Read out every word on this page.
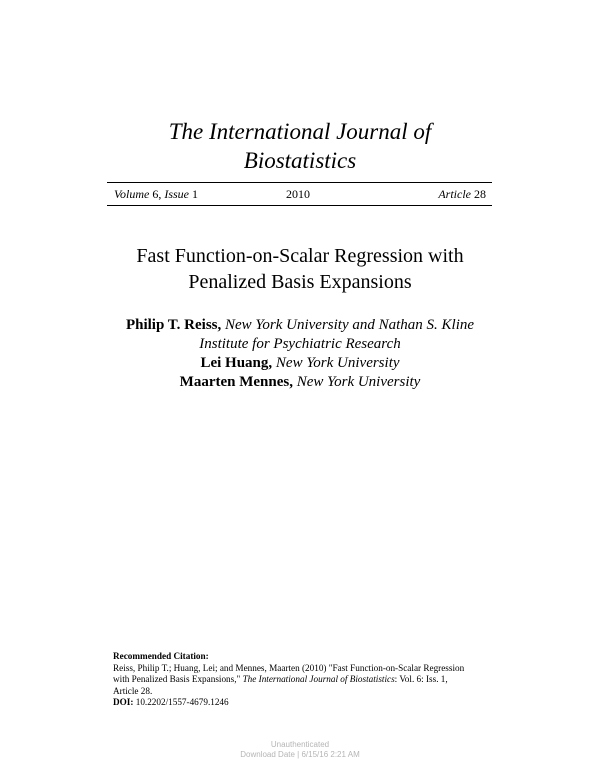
The International Journal of
Biostatistics
Volume 6, Issue 1	2010	Article 28
Fast Function-on-Scalar Regression with
Penalized Basis Expansions
Philip T. Reiss, New York University and Nathan S. Kline
Institute for Psychiatric Research
Lei Huang, New York University
Maarten Mennes, New York University
Recommended Citation:
Reiss, Philip T.; Huang, Lei; and Mennes, Maarten (2010) "Fast Function-on-Scalar Regression
with Penalized Basis Expansions," The International Journal of Biostatistics: Vol. 6: Iss. 1,
Article 28.
DOI: 10.2202/1557-4679.1246
Unauthenticated
Download Date | 6/15/16 2:21 AM
